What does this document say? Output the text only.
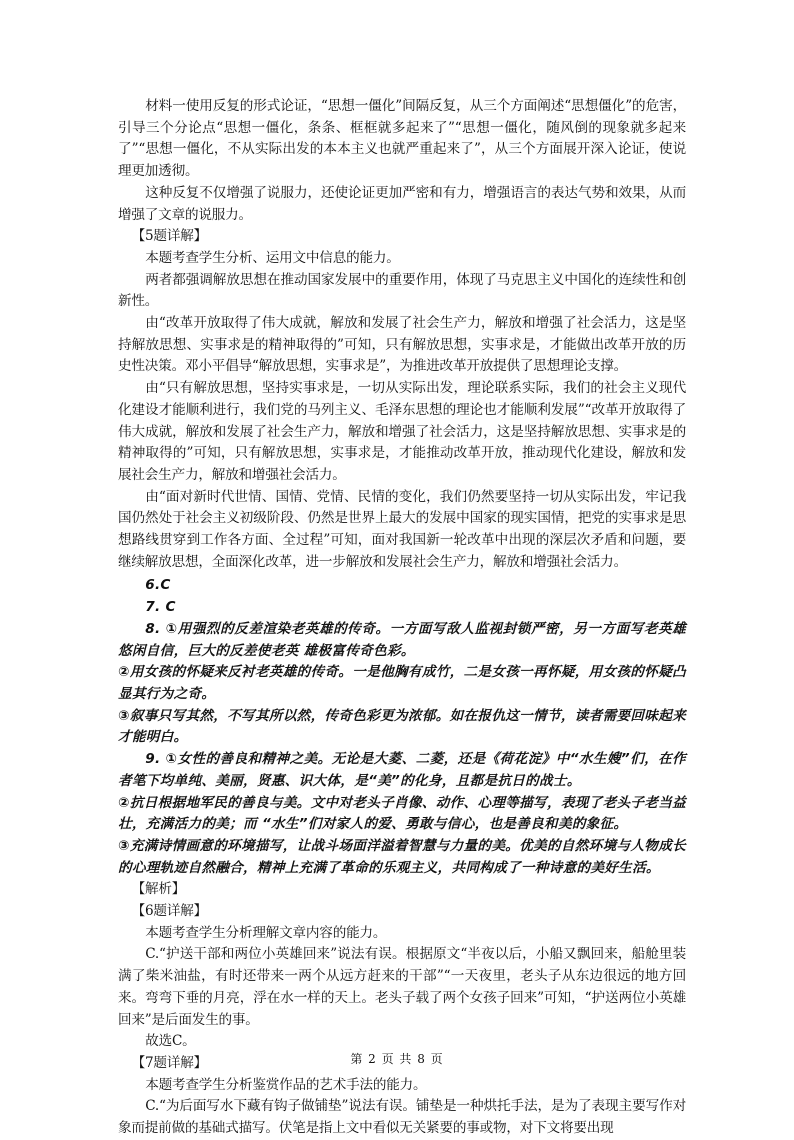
材料一使用反复的形式论证，“思想一僵化”间隔反复，从三个方面阐述“思想僵化”的危害，引导三个分论点“思想一僵化，条条、框框就多起来了”“思想一僵化，随风倒的现象就多起来了”“思想一僵化，不从实际出发的本本主义也就严重起来了”，从三个方面展开深入论证，使说理更加透彻。

这种反复不仅增强了说服力，还使论证更加严密和有力，增强语言的表达气势和效果，从而增强了文章的说服力。

【5题详解】

本题考查学生分析、运用文中信息的能力。

两者都强调解放思想在推动国家发展中的重要作用，体现了马克思主义中国化的连续性和创新性。

由“改革开放取得了伟大成就，解放和发展了社会生产力，解放和增强了社会活力，这是坚持解放思想、实事求是的精神取得的”可知，只有解放思想，实事求是，才能做出改革开放的历史性决策。邓小平倡导“解放思想，实事求是”，为推进改革开放提供了思想理论支撑。

由“只有解放思想，坚持实事求是，一切从实际出发，理论联系实际，我们的社会主义现代化建设才能顺利进行，我们党的马列主义、毛泽东思想的理论也才能顺利发展”“改革开放取得了伟大成就，解放和发展了社会生产力，解放和增强了社会活力，这是坚持解放思想、实事求是的精神取得的”可知，只有解放思想，实事求是，才能推动改革开放，推动现代化建设，解放和发展社会生产力，解放和增强社会活力。

由“面对新时代世情、国情、党情、民情的变化，我们仍然要坚持一切从实际出发，牢记我国仍然处于社会主义初级阶段、仍然是世界上最大的发展中国家的现实国情，把党的实事求是思想路线贯穿到工作各方面、全过程”可知，面对我国新一轮改革中出现的深层次矛盾和问题，要继续解放思想，全面深化改革，进一步解放和发展社会生产力，解放和增强社会活力。

6.C

7. C

8. ①用强烈的反差渲染老英雄的传奇。一方面写敌人监视封锁严密，另一方面写老英雄悠闲自信，巨大的反差使老英 雄极富传奇色彩。

②用女孩的怀疑来反衬老英雄的传奇。一是他胸有成竹，二是女孩一再怀疑，用女孩的怀疑凸显其行为之奇。

③叙事只写其然，不写其所以然，传奇色彩更为浓郁。如在报仇这一情节，读者需要回味起来才能明白。

9. ①女性的善良和精神之美。无论是大菱、二菱，还是《荷花淀》中“水生嫂”们，在作者笔下均单纯、美丽，贤惠、识大体，是“美”的化身，且都是抗日的战士。

②抗日根据地军民的善良与美。文中对老头子肖像、动作、心理等描写，表现了老头子老当益壮，充满活力的美；而 “水生”们对家人的爱、勇敢与信心，也是善良和美的象征。

③充满诗情画意的环境描写，让战斗场面洋溢着智慧与力量的美。优美的自然环境与人物成长的心理轨迹自然融合，精神上充满了革命的乐观主义，共同构成了一种诗意的美好生活。

【解析】

【6题详解】

本题考查学生分析理解文章内容的能力。

C.“护送干部和两位小英雄回来”说法有误。根据原文“半夜以后，小船又飘回来，船舱里装满了柴米油盐，有时还带来一两个从远方赶来的干部”“一天夜里，老头子从东边很远的地方回来。弯弯下垂的月亮，浮在水一样的天上。老头子载了两个女孩子回来”可知，“护送两位小英雄回来”是后面发生的事。

故选C。

【7题详解】

本题考查学生分析鉴赏作品的艺术手法的能力。

C.“为后面写水下藏有钩子做铺垫”说法有误。铺垫是一种烘托手法，是为了表现主要写作对象而提前做的基础式描写。伏笔是指上文中看似无关紧要的事或物，对下文将要出现

第 2 页 共 8 页
